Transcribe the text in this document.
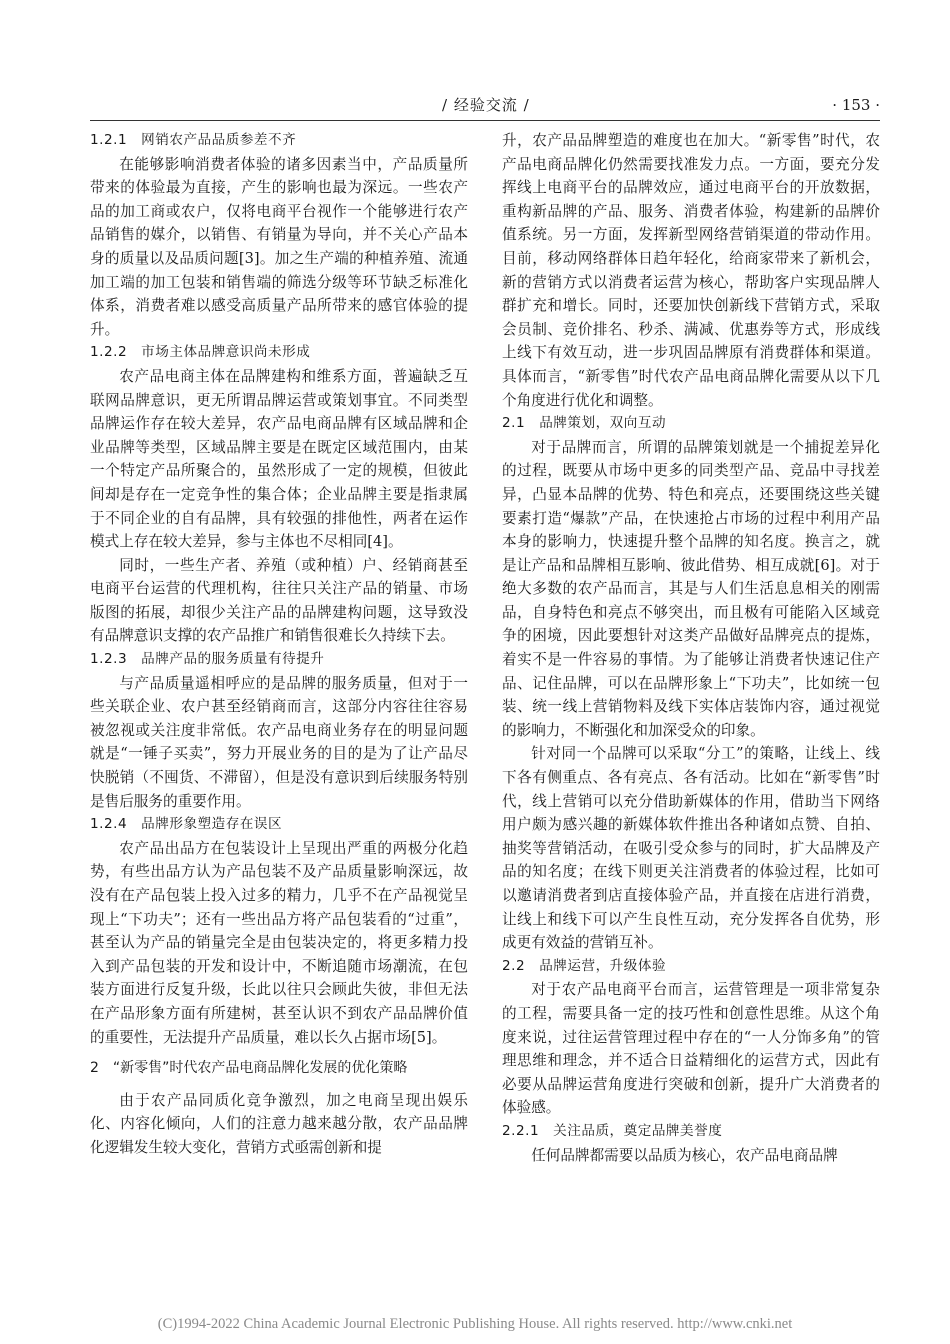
/ 经验交流 /	· 153 ·
1.2.1　网销农产品品质参差不齐

在能够影响消费者体验的诸多因素当中，产品质量所带来的体验最为直接，产生的影响也最为深远。一些农产品的加工商或农户，仅将电商平台视作一个能够进行农产品销售的媒介，以销售、有销量为导向，并不关心产品本身的质量以及品质问题[3]。加之生产端的种植养殖、流通加工端的加工包装和销售端的筛选分级等环节缺乏标准化体系，消费者难以感受高质量产品所带来的感官体验的提升。

1.2.2　市场主体品牌意识尚未形成

农产品电商主体在品牌建构和维系方面，普遍缺乏互联网品牌意识，更无所谓品牌运营或策划事宜。不同类型品牌运作存在较大差异，农产品电商品牌有区域品牌和企业品牌等类型，区域品牌主要是在既定区域范围内，由某一个特定产品所聚合的，虽然形成了一定的规模，但彼此间却是存在一定竞争性的集合体；企业品牌主要是指隶属于不同企业的自有品牌，具有较强的排他性，两者在运作模式上存在较大差异，参与主体也不尽相同[4]。

同时，一些生产者、养殖（或种植）户、经销商甚至电商平台运营的代理机构，往往只关注产品的销量、市场版图的拓展，却很少关注产品的品牌建构问题，这导致没有品牌意识支撑的农产品推广和销售很难长久持续下去。

1.2.3　品牌产品的服务质量有待提升

与产品质量遥相呼应的是品牌的服务质量，但对于一些关联企业、农户甚至经销商而言，这部分内容往往容易被忽视或关注度非常低。农产品电商业务存在的明显问题就是“一锤子买卖”，努力开展业务的目的是为了让产品尽快脱销（不囤货、不滞留），但是没有意识到后续服务特别是售后服务的重要作用。

1.2.4　品牌形象塑造存在误区

农产品出品方在包装设计上呈现出严重的两极分化趋势，有些出品方认为产品包装不及产品质量影响深远，故没有在产品包装上投入过多的精力，几乎不在产品视觉呈现上“下功夫”；还有一些出品方将产品包装看的“过重”，甚至认为产品的销量完全是由包装决定的，将更多精力投入到产品包装的开发和设计中，不断追随市场潮流，在包装方面进行反复升级，长此以往只会顾此失彼，非但无法在产品形象方面有所建树，甚至认识不到农产品品牌价值的重要性，无法提升产品质量，难以长久占据市场[5]。

2　“新零售”时代农产品电商品牌化发展的优化策略

由于农产品同质化竞争激烈，加之电商呈现出娱乐化、内容化倾向，人们的注意力越来越分散，农产品品牌化逻辑发生较大变化，营销方式亟需创新和提

升，农产品品牌塑造的难度也在加大。“新零售”时代，农产品电商品牌化仍然需要找准发力点。一方面，要充分发挥线上电商平台的品牌效应，通过电商平台的开放数据，重构新品牌的产品、服务、消费者体验，构建新的品牌价值系统。另一方面，发挥新型网络营销渠道的带动作用。目前，移动网络群体日趋年轻化，给商家带来了新机会，新的营销方式以消费者运营为核心，帮助客户实现品牌人群扩充和增长。同时，还要加快创新线下营销方式，采取会员制、竞价排名、秒杀、满减、优惠券等方式，形成线上线下有效互动，进一步巩固品牌原有消费群体和渠道。具体而言，“新零售”时代农产品电商品牌化需要从以下几个角度进行优化和调整。

2.1　品牌策划，双向互动

对于品牌而言，所谓的品牌策划就是一个捕捉差异化的过程，既要从市场中更多的同类型产品、竞品中寻找差异，凸显本品牌的优势、特色和亮点，还要围绕这些关键要素打造“爆款”产品，在快速抢占市场的过程中利用产品本身的影响力，快速提升整个品牌的知名度。换言之，就是让产品和品牌相互影响、彼此借势、相互成就[6]。对于绝大多数的农产品而言，其是与人们生活息息相关的刚需品，自身特色和亮点不够突出，而且极有可能陷入区域竞争的困境，因此要想针对这类产品做好品牌亮点的提炼，着实不是一件容易的事情。为了能够让消费者快速记住产品、记住品牌，可以在品牌形象上“下功夫”，比如统一包装、统一线上营销物料及线下实体店装饰内容，通过视觉的影响力，不断强化和加深受众的印象。

针对同一个品牌可以采取“分工”的策略，让线上、线下各有侧重点、各有亮点、各有活动。比如在“新零售”时代，线上营销可以充分借助新媒体的作用，借助当下网络用户颇为感兴趣的新媒体软件推出各种诸如点赞、自拍、抽奖等营销活动，在吸引受众参与的同时，扩大品牌及产品的知名度；在线下则更关注消费者的体验过程，比如可以邀请消费者到店直接体验产品，并直接在店进行消费，让线上和线下可以产生良性互动，充分发挥各自优势，形成更有效益的营销互补。

2.2　品牌运营，升级体验

对于农产品电商平台而言，运营管理是一项非常复杂的工程，需要具备一定的技巧性和创意性思维。从这个角度来说，过往运营管理过程中存在的“一人分饰多角”的管理思维和理念，并不适合日益精细化的运营方式，因此有必要从品牌运营角度进行突破和创新，提升广大消费者的体验感。

2.2.1　关注品质，奠定品牌美誉度

任何品牌都需要以品质为核心，农产品电商品牌

(C)1994-2022 China Academic Journal Electronic Publishing House. All rights reserved. http://www.cnki.net
